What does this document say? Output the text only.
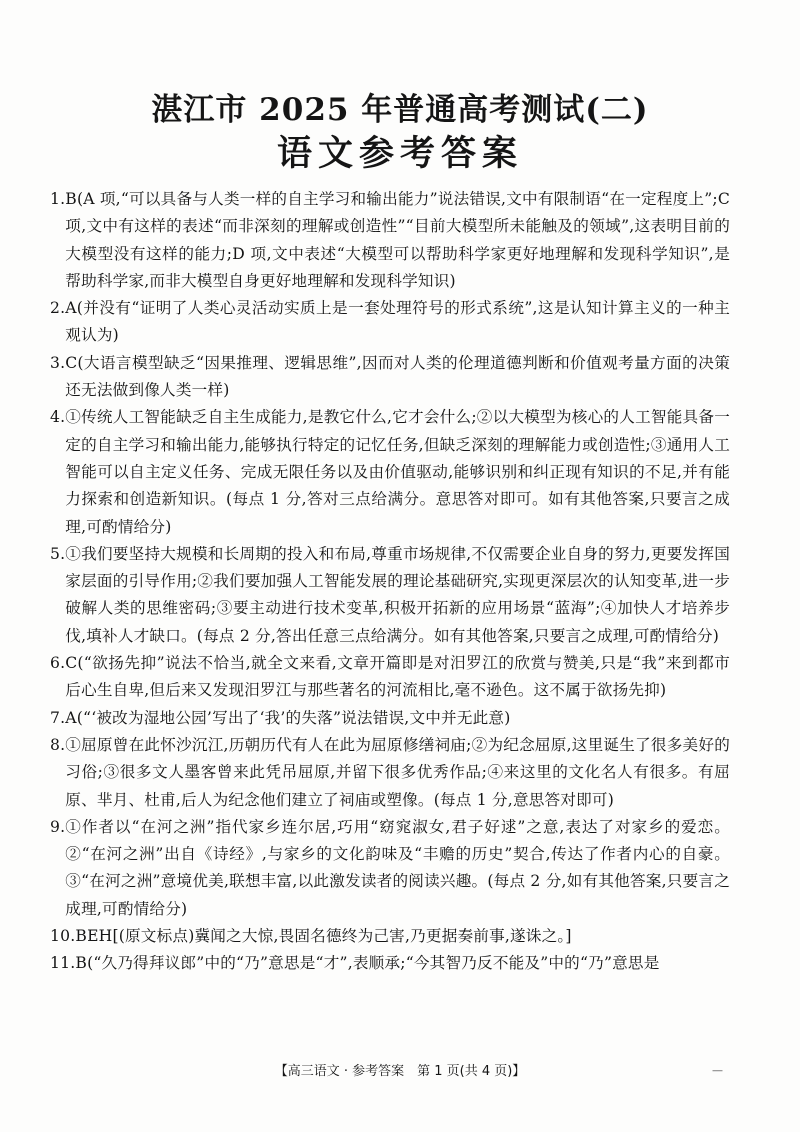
湛江市 2025 年普通高考测试(二)
语文参考答案
1. B(A 项,“可以具备与人类一样的自主学习和输出能力”说法错误,文中有限制语“在一定程度上”;C 项,文中有这样的表述“而非深刻的理解或创造性”“目前大模型所未能触及的领域”,这表明目前的大模型没有这样的能力;D 项,文中表述“大模型可以帮助科学家更好地理解和发现科学知识”,是帮助科学家,而非大模型自身更好地理解和发现科学知识)
2. A(并没有“证明了人类心灵活动实质上是一套处理符号的形式系统”,这是认知计算主义的一种主观认为)
3. C(大语言模型缺乏“因果推理、逻辑思维”,因而对人类的伦理道德判断和价值观考量方面的决策还无法做到像人类一样)
4. ①传统人工智能缺乏自主生成能力,是教它什么,它才会什么;②以大模型为核心的人工智能具备一定的自主学习和输出能力,能够执行特定的记忆任务,但缺乏深刻的理解能力或创造性;③通用人工智能可以自主定义任务、完成无限任务以及由价值驱动,能够识别和纠正现有知识的不足,并有能力探索和创造新知识。(每点 1 分,答对三点给满分。意思答对即可。如有其他答案,只要言之成理,可酌情给分)
5. ①我们要坚持大规模和长周期的投入和布局,尊重市场规律,不仅需要企业自身的努力,更要发挥国家层面的引导作用;②我们要加强人工智能发展的理论基础研究,实现更深层次的认知变革,进一步破解人类的思维密码;③要主动进行技术变革,积极开拓新的应用场景“蓝海”;④加快人才培养步伐,填补人才缺口。(每点 2 分,答出任意三点给满分。如有其他答案,只要言之成理,可酌情给分)
6. C(“欲扬先抑”说法不恰当,就全文来看,文章开篇即是对汨罗江的欣赏与赞美,只是“我”来到都市后心生自卑,但后来又发现汨罗江与那些著名的河流相比,毫不逊色。这不属于欲扬先抑)
7. A(“‘被改为湿地公园’写出了‘我’的失落”说法错误,文中并无此意)
8. ①屈原曾在此怀沙沉江,历朝历代有人在此为屈原修缮祠庙;②为纪念屈原,这里诞生了很多美好的习俗;③很多文人墨客曾来此凭吊屈原,并留下很多优秀作品;④来这里的文化名人有很多。有屈原、芈月、杜甫,后人为纪念他们建立了祠庙或塑像。(每点 1 分,意思答对即可)
9. ①作者以“在河之洲”指代家乡连尔居,巧用“窈窕淑女,君子好逑”之意,表达了对家乡的爱恋。②“在河之洲”出自《诗经》,与家乡的文化韵味及“丰赡的历史”契合,传达了作者内心的自豪。③“在河之洲”意境优美,联想丰富,以此激发读者的阅读兴趣。(每点 2 分,如有其他答案,只要言之成理,可酌情给分)
10. BEH[(原文标点)冀闻之大惊,畏固名德终为己害,乃更据奏前事,遂诛之。]
11. B(“久乃得拜议郎”中的“乃”意思是“才”,表顺承;“今其智乃反不能及”中的“乃”意思是
【高三语文 · 参考答案　第 1 页(共 4 页)】	—
